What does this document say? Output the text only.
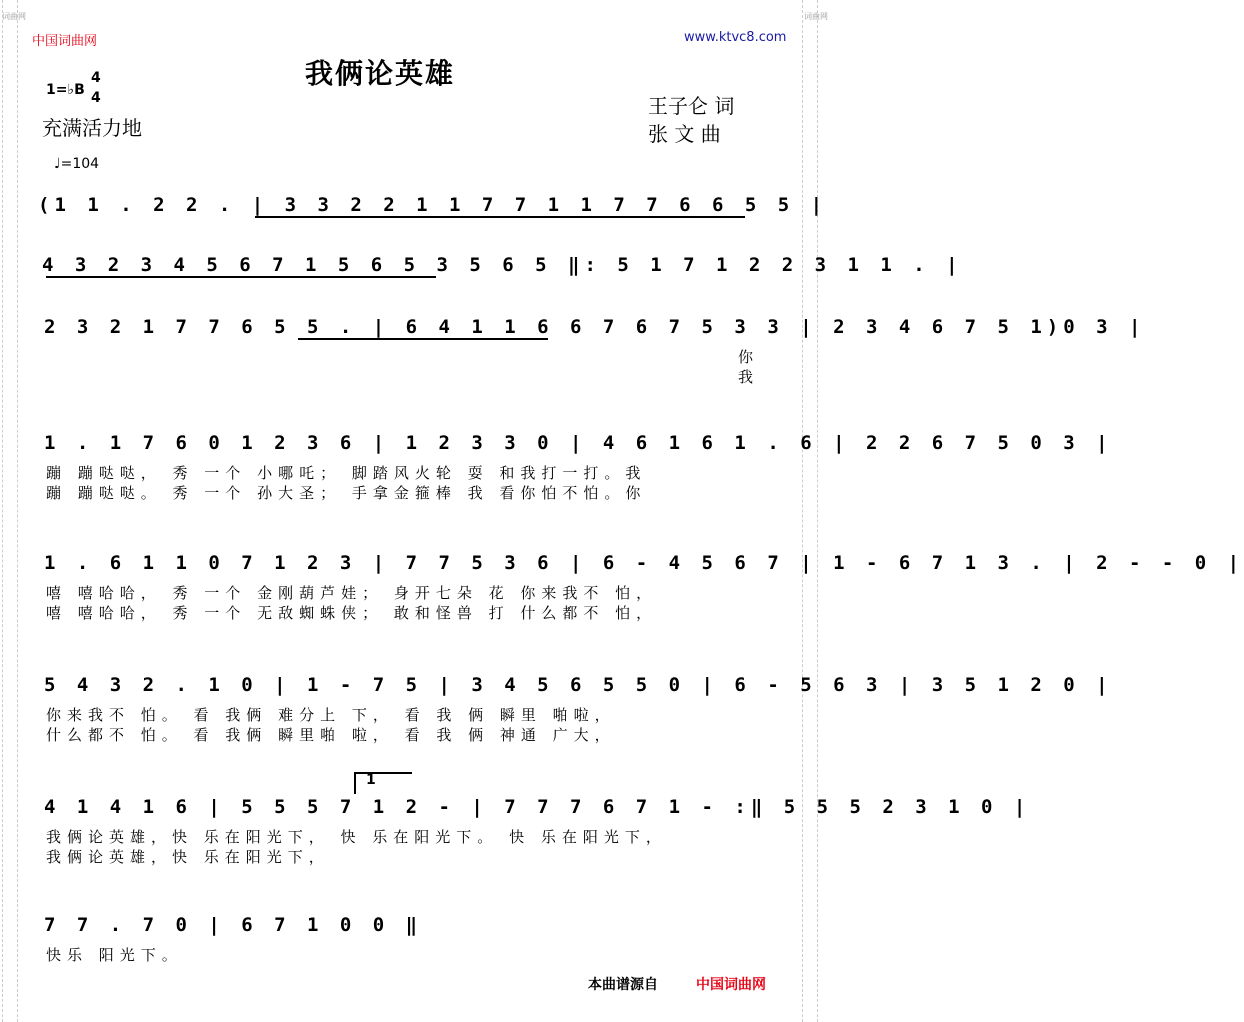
词曲网	词曲网
中国词曲网	www.ktvc8.com
我俩论英雄
1=♭B
4
4
充满活力地
♩=104
王子仑 词
张 文 曲
(1 1 . 2 2 . | 3 3 2 2 1 1 7 7 1 1 7 7 6 6 5 5 |
4 3 2 3 4 5 6 7 1 5 6 5 3 5 6 5 ‖: 5 1 7 1 2 2 3 1 1 . |
2 3 2 1 7 7 6 5 5 . | 6 4 1 1 6 6 7 6 7 5 3 3 | 2 3 4 6 7 5 1)0 3 |
你
我
1 . 1 7 6 0 1 2 3 6 | 1 2 3 3 0 | 4 6 1 6 1 . 6 | 2 2 6 7 5 0 3 |
蹦 蹦哒哒， 秀 一个 小哪吒； 脚踏风火轮 耍 和我打一打。我
蹦 蹦哒哒。 秀 一个 孙大圣； 手拿金箍棒 我 看你怕不怕。你
1 . 6 1 1 0 7 1 2 3 | 7 7 5 3 6 | 6 - 4 5 6 7 | 1 - 6 7 1 3 . | 2 - - 0 |
嘻 嘻哈哈， 秀 一个 金刚葫芦娃； 身开七朵 花 你来我不 怕，
嘻 嘻哈哈， 秀 一个 无敌蜘蛛侠； 敢和怪兽 打 什么都不 怕，
5 4 3 2 . 1 0 | 1 - 7 5 | 3 4 5 6 5 5 0 | 6 - 5 6 3 | 3 5 1 2 0 |
你来我不 怕。 看 我俩 难分上 下， 看 我 俩 瞬里 啪啦，
什么都不 怕。 看 我俩 瞬里啪 啦， 看 我 俩 神通 广大，
1
4 1 4 1 6 | 5 5 5 7 1 2 - | 7 7 7 6 7 1 - :‖ 5 5 5 2 3 1 0 |
我俩论英雄，快 乐在阳光下， 快 乐在阳光下。 快 乐在阳光下，
我俩论英雄，快 乐在阳光下，
7 7 . 7 0 | 6 7 1 0 0 ‖
快乐 阳光下。
本曲谱源自	中国词曲网
